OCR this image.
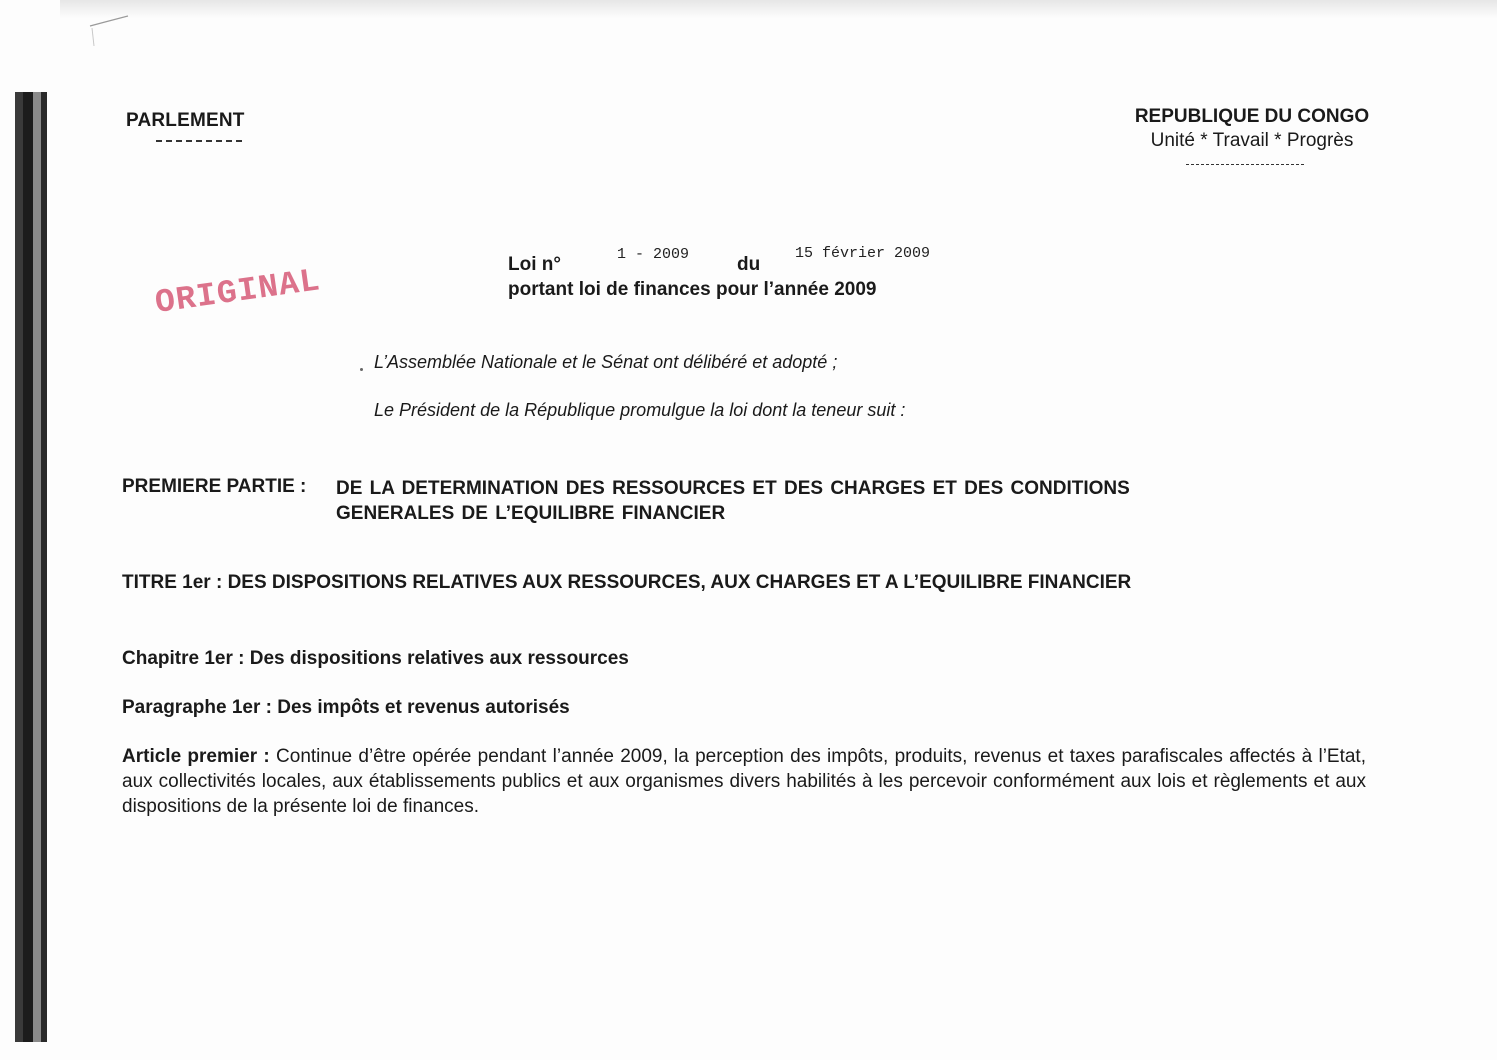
PARLEMENT	REPUBLIQUE DU CONGO
Unité * Travail * Progrès
Loi n°	1 - 2009	du
15 février 2009
portant loi de finances pour l’année 2009
ORIGINAL
L’Assemblée Nationale et le Sénat ont délibéré et adopté ;
Le Président de la République promulgue la loi dont la teneur suit :
PREMIERE PARTIE : DE LA DETERMINATION DES RESSOURCES ET DES CHARGES ET DES CONDITIONS GENERALES DE L’EQUILIBRE FINANCIER
TITRE 1er : DES DISPOSITIONS RELATIVES AUX RESSOURCES, AUX CHARGES ET A L’EQUILIBRE FINANCIER
Chapitre 1er : Des dispositions relatives aux ressources
Paragraphe 1er : Des impôts et revenus autorisés
Article premier : Continue d’être opérée pendant l’année 2009, la perception des impôts, produits, revenus et taxes parafiscales affectés à l’Etat, aux collectivités locales, aux établissements publics et aux organismes divers habilités à les percevoir conformément aux lois et règlements et aux dispositions de la présente loi de finances.
